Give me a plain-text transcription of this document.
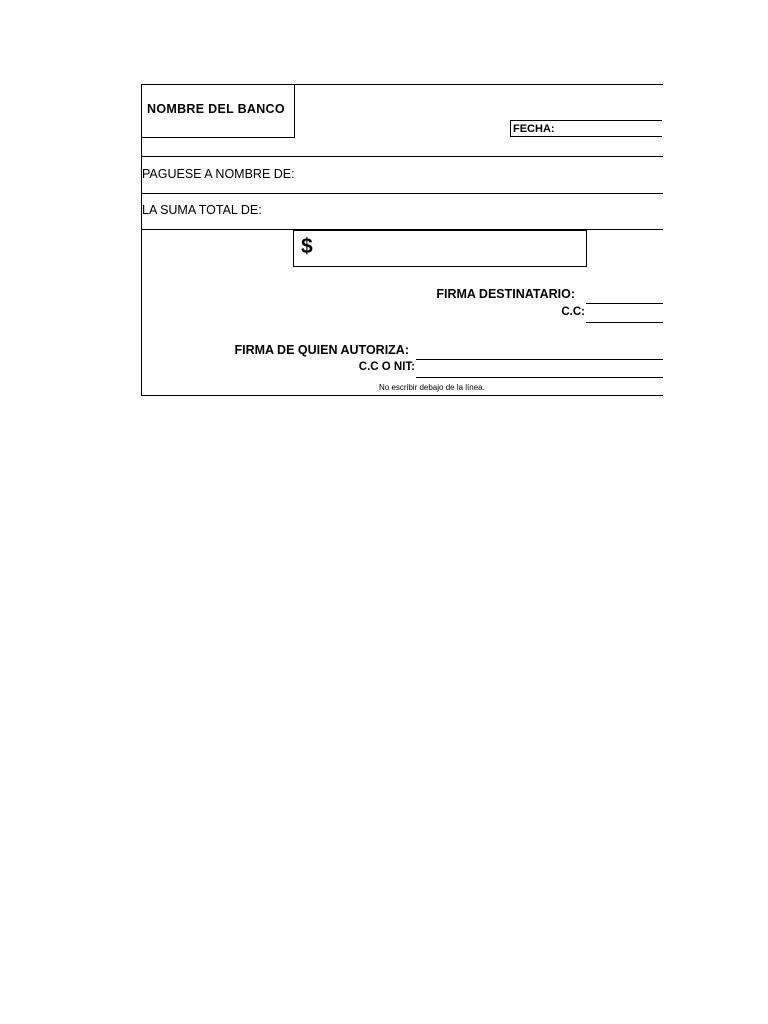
NOMBRE DEL BANCO
FECHA:
PAGUESE A NOMBRE DE:
LA SUMA TOTAL DE:
$
FIRMA DESTINATARIO:
C.C:
FIRMA DE QUIEN AUTORIZA:
C.C O NIT:
No escribir debajo de la línea.
